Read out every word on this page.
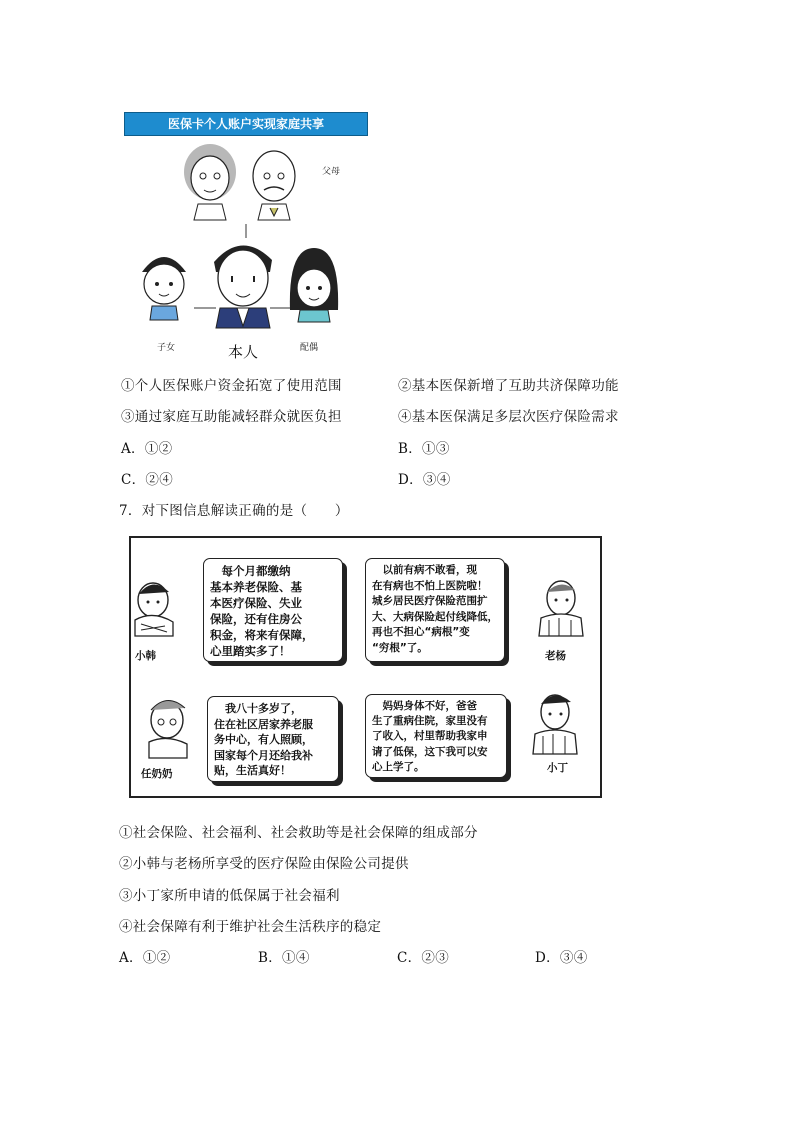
医保卡个人账户实现家庭共享
父母
子女	本人	配偶
①个人医保账户资金拓宽了使用范围	②基本医保新增了互助共济保障功能
③通过家庭互助能减轻群众就医负担	④基本医保满足多层次医疗保险需求
A．①②	B．①③
C．②④	D．③④
7．对下图信息解读正确的是（　　）
　每个月都缴纳
基本养老保险、基
本医疗保险、失业
保险，还有住房公
积金，将来有保障，
心里踏实多了！
　以前有病不敢看，现
在有病也不怕上医院啦！
城乡居民医疗保险范围扩
大、大病保险起付线降低，
再也不担心“病根”变
“穷根”了。
　我八十多岁了，
住在社区居家养老服
务中心，有人照顾，
国家每个月还给我补
贴，生活真好！
　妈妈身体不好，爸爸
生了重病住院，家里没有
了收入，村里帮助我家申
请了低保，这下我可以安
心上学了。
小韩	老杨
任奶奶	小丁
①社会保险、社会福利、社会救助等是社会保障的组成部分
②小韩与老杨所享受的医疗保险由保险公司提供
③小丁家所申请的低保属于社会福利
④社会保障有利于维护社会生活秩序的稳定
A．①②	B．①④	C．②③	D．③④
